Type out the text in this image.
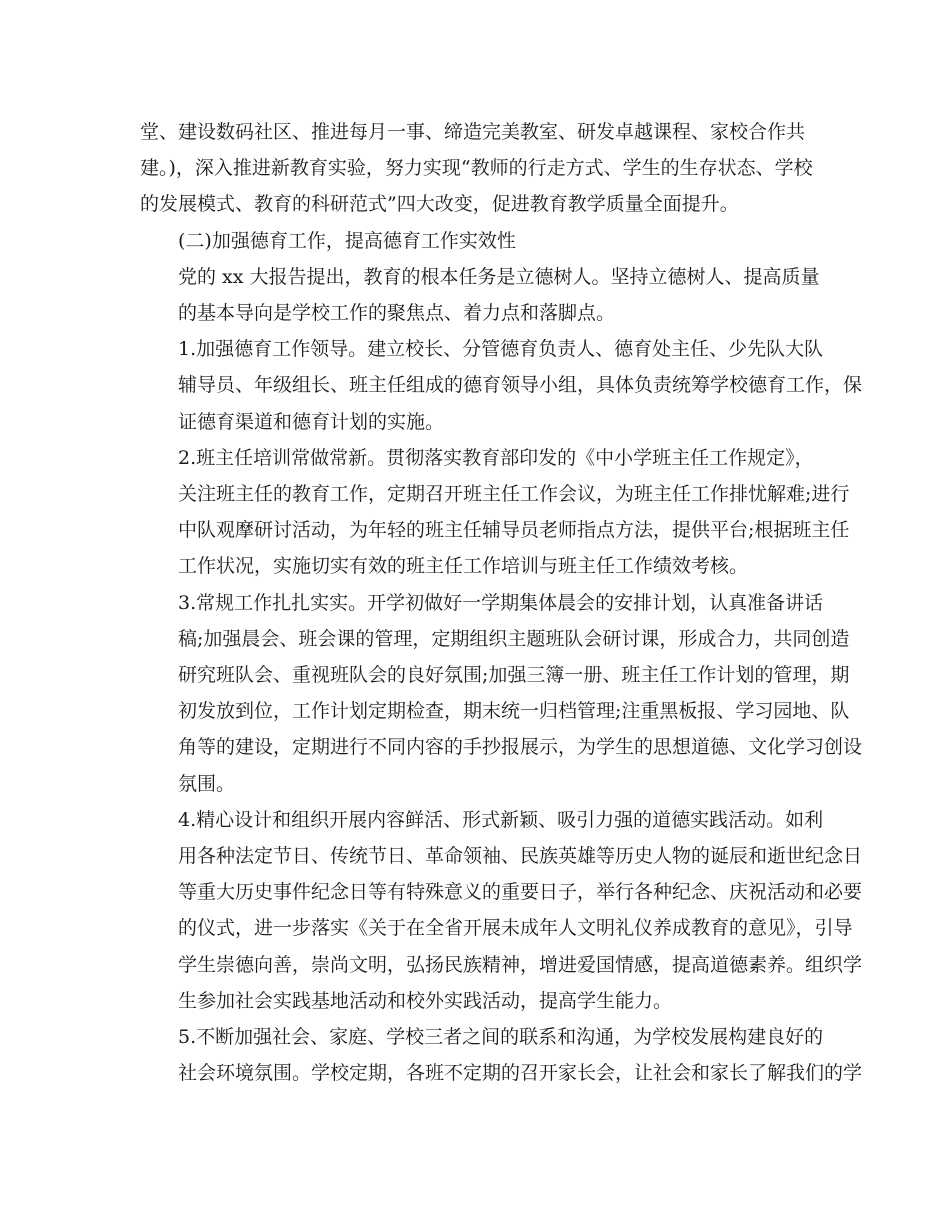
堂、建设数码社区、推进每月一事、缔造完美教室、研发卓越课程、家校合作共
建。)，深入推进新教育实验，努力实现“教师的行走方式、学生的生存状态、学校
的发展模式、教育的科研范式”四大改变，促进教育教学质量全面提升。

(二)加强德育工作，提高德育工作实效性

党的 xx 大报告提出，教育的根本任务是立德树人。坚持立德树人、提高质量
的基本导向是学校工作的聚焦点、着力点和落脚点。

1.加强德育工作领导。建立校长、分管德育负责人、德育处主任、少先队大队
辅导员、年级组长、班主任组成的德育领导小组，具体负责统筹学校德育工作，保
证德育渠道和德育计划的实施。

2.班主任培训常做常新。贯彻落实教育部印发的《中小学班主任工作规定》，
关注班主任的教育工作，定期召开班主任工作会议，为班主任工作排忧解难;进行
中队观摩研讨活动，为年轻的班主任辅导员老师指点方法，提供平台;根据班主任
工作状况，实施切实有效的班主任工作培训与班主任工作绩效考核。

3.常规工作扎扎实实。开学初做好一学期集体晨会的安排计划，认真准备讲话
稿;加强晨会、班会课的管理，定期组织主题班队会研讨课，形成合力，共同创造
研究班队会、重视班队会的良好氛围;加强三簿一册、班主任工作计划的管理，期
初发放到位，工作计划定期检查，期末统一归档管理;注重黑板报、学习园地、队
角等的建设，定期进行不同内容的手抄报展示，为学生的思想道德、文化学习创设
氛围。

4.精心设计和组织开展内容鲜活、形式新颖、吸引力强的道德实践活动。如利
用各种法定节日、传统节日、革命领袖、民族英雄等历史人物的诞辰和逝世纪念日
等重大历史事件纪念日等有特殊意义的重要日子，举行各种纪念、庆祝活动和必要
的仪式，进一步落实《关于在全省开展未成年人文明礼仪养成教育的意见》，引导
学生崇德向善，崇尚文明，弘扬民族精神，增进爱国情感，提高道德素养。组织学
生参加社会实践基地活动和校外实践活动，提高学生能力。

5.不断加强社会、家庭、学校三者之间的联系和沟通，为学校发展构建良好的
社会环境氛围。学校定期，各班不定期的召开家长会，让社会和家长了解我们的学
